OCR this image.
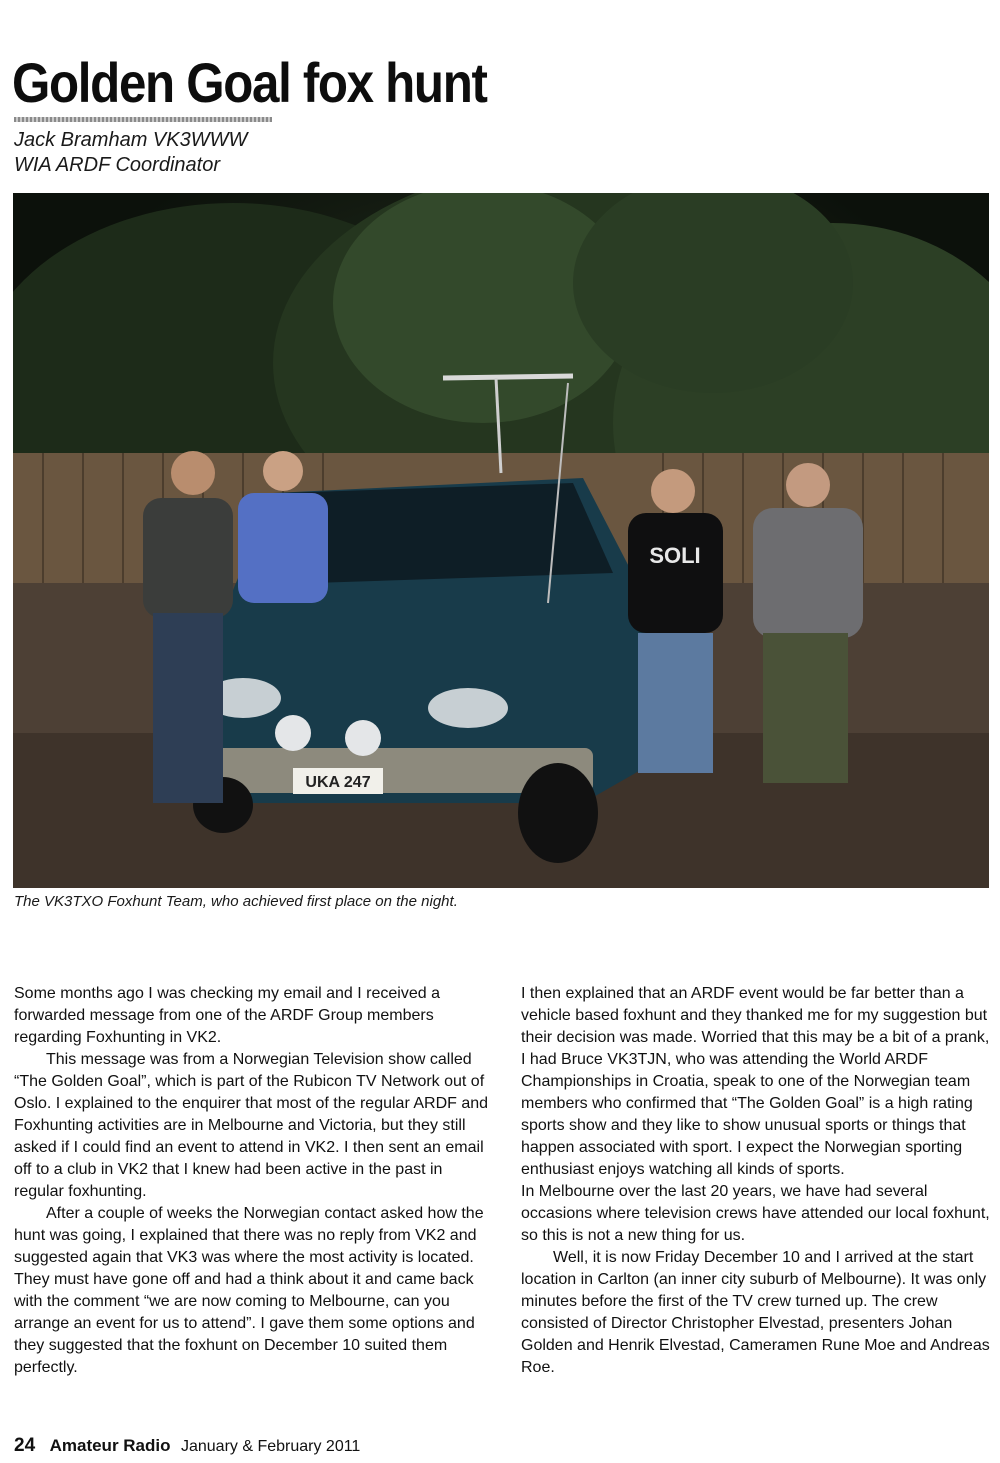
Golden Goal fox hunt
Jack Bramham VK3WWW
WIA ARDF Coordinator
UKA 247
SOLI
The VK3TXO Foxhunt Team, who achieved first place on the night.

Some months ago I was checking my email and I received a forwarded message from one of the ARDF Group members regarding Foxhunting in VK2.

This message was from a Norwegian Television show called “The Golden Goal”, which is part of the Rubicon TV Network out of Oslo. I explained to the enquirer that most of the regular ARDF and Foxhunting activities are in Melbourne and Victoria, but they still asked if I could find an event to attend in VK2. I then sent an email off to a club in VK2 that I knew had been active in the past in regular foxhunting.

After a couple of weeks the Norwegian contact asked how the hunt was going, I explained that there was no reply from VK2 and suggested again that VK3 was where the most activity is located. They must have gone off and had a think about it and came back with the comment “we are now coming to Melbourne, can you arrange an event for us to attend”. I gave them some options and they suggested that the foxhunt on December 10 suited them perfectly.

I then explained that an ARDF event would be far better than a vehicle based foxhunt and they thanked me for my suggestion but their decision was made. Worried that this may be a bit of a prank, I had Bruce VK3TJN, who was attending the World ARDF Championships in Croatia, speak to one of the Norwegian team members who confirmed that “The Golden Goal” is a high rating sports show and they like to show unusual sports or things that happen associated with sport. I expect the Norwegian sporting enthusiast enjoys watching all kinds of sports.

In Melbourne over the last 20 years, we have had several occasions where television crews have attended our local foxhunt, so this is not a new thing for us.

Well, it is now Friday December 10 and I arrived at the start location in Carlton (an inner city suburb of Melbourne). It was only minutes before the first of the TV crew turned up. The crew consisted of Director Christopher Elvestad, presenters Johan Golden and Henrik Elvestad, Cameramen Rune Moe and Andreas Roe.

24 Amateur Radio January & February 2011
